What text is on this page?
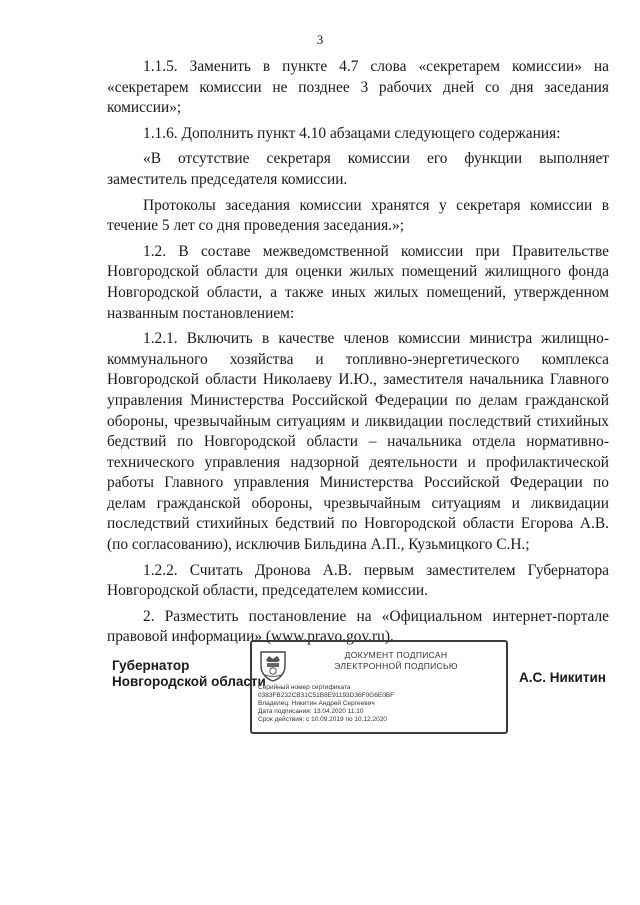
3

1.1.5. Заменить в пункте 4.7 слова «секретарем комиссии» на «секретарем комиссии не позднее 3 рабочих дней со дня заседания комиссии»;

1.1.6. Дополнить пункт 4.10 абзацами следующего содержания:

«В отсутствие секретаря комиссии его функции выполняет заместитель председателя комиссии.

Протоколы заседания комиссии хранятся у секретаря комиссии в течение 5 лет со дня проведения заседания.»;

1.2. В составе межведомственной комиссии при Правительстве Новгородской области для оценки жилых помещений жилищного фонда Новгородской области, а также иных жилых помещений, утвержденном названным постановлением:

1.2.1. Включить в качестве членов комиссии министра жилищно-коммунального хозяйства и топливно-энергетического комплекса Новгородской области Николаеву И.Ю., заместителя начальника Главного управления Министерства Российской Федерации по делам гражданской обороны, чрезвычайным ситуациям и ликвидации последствий стихийных бедствий по Новгородской области – начальника отдела нормативно-технического управления надзорной деятельности и профилактической работы Главного управления Министерства Российской Федерации по делам гражданской обороны, чрезвычайным ситуациям и ликвидации последствий стихийных бедствий по Новгородской области Егорова А.В. (по согласованию), исключив Бильдина А.П., Кузьмицкого С.Н.;

1.2.2. Считать Дронова А.В. первым заместителем Губернатора Новгородской области, председателем комиссии.

2. Разместить постановление на «Официальном интернет-портале правовой информации» (www.pravo.gov.ru).

Губернатор
Новгородской области
ДОКУМЕНТ ПОДПИСАН
ЭЛЕКТРОННОЙ ПОДПИСЬЮ
Серийный номер сертификата
0383FB232CB31C51B8E91193D36F0G6E0BF
Владелец: Никитин Андрей Сергеевич
Дата подписания: 13.04.2020 11:10
Срок действия: с 10.09.2019 по 10.12.2020
А.С. Никитин
